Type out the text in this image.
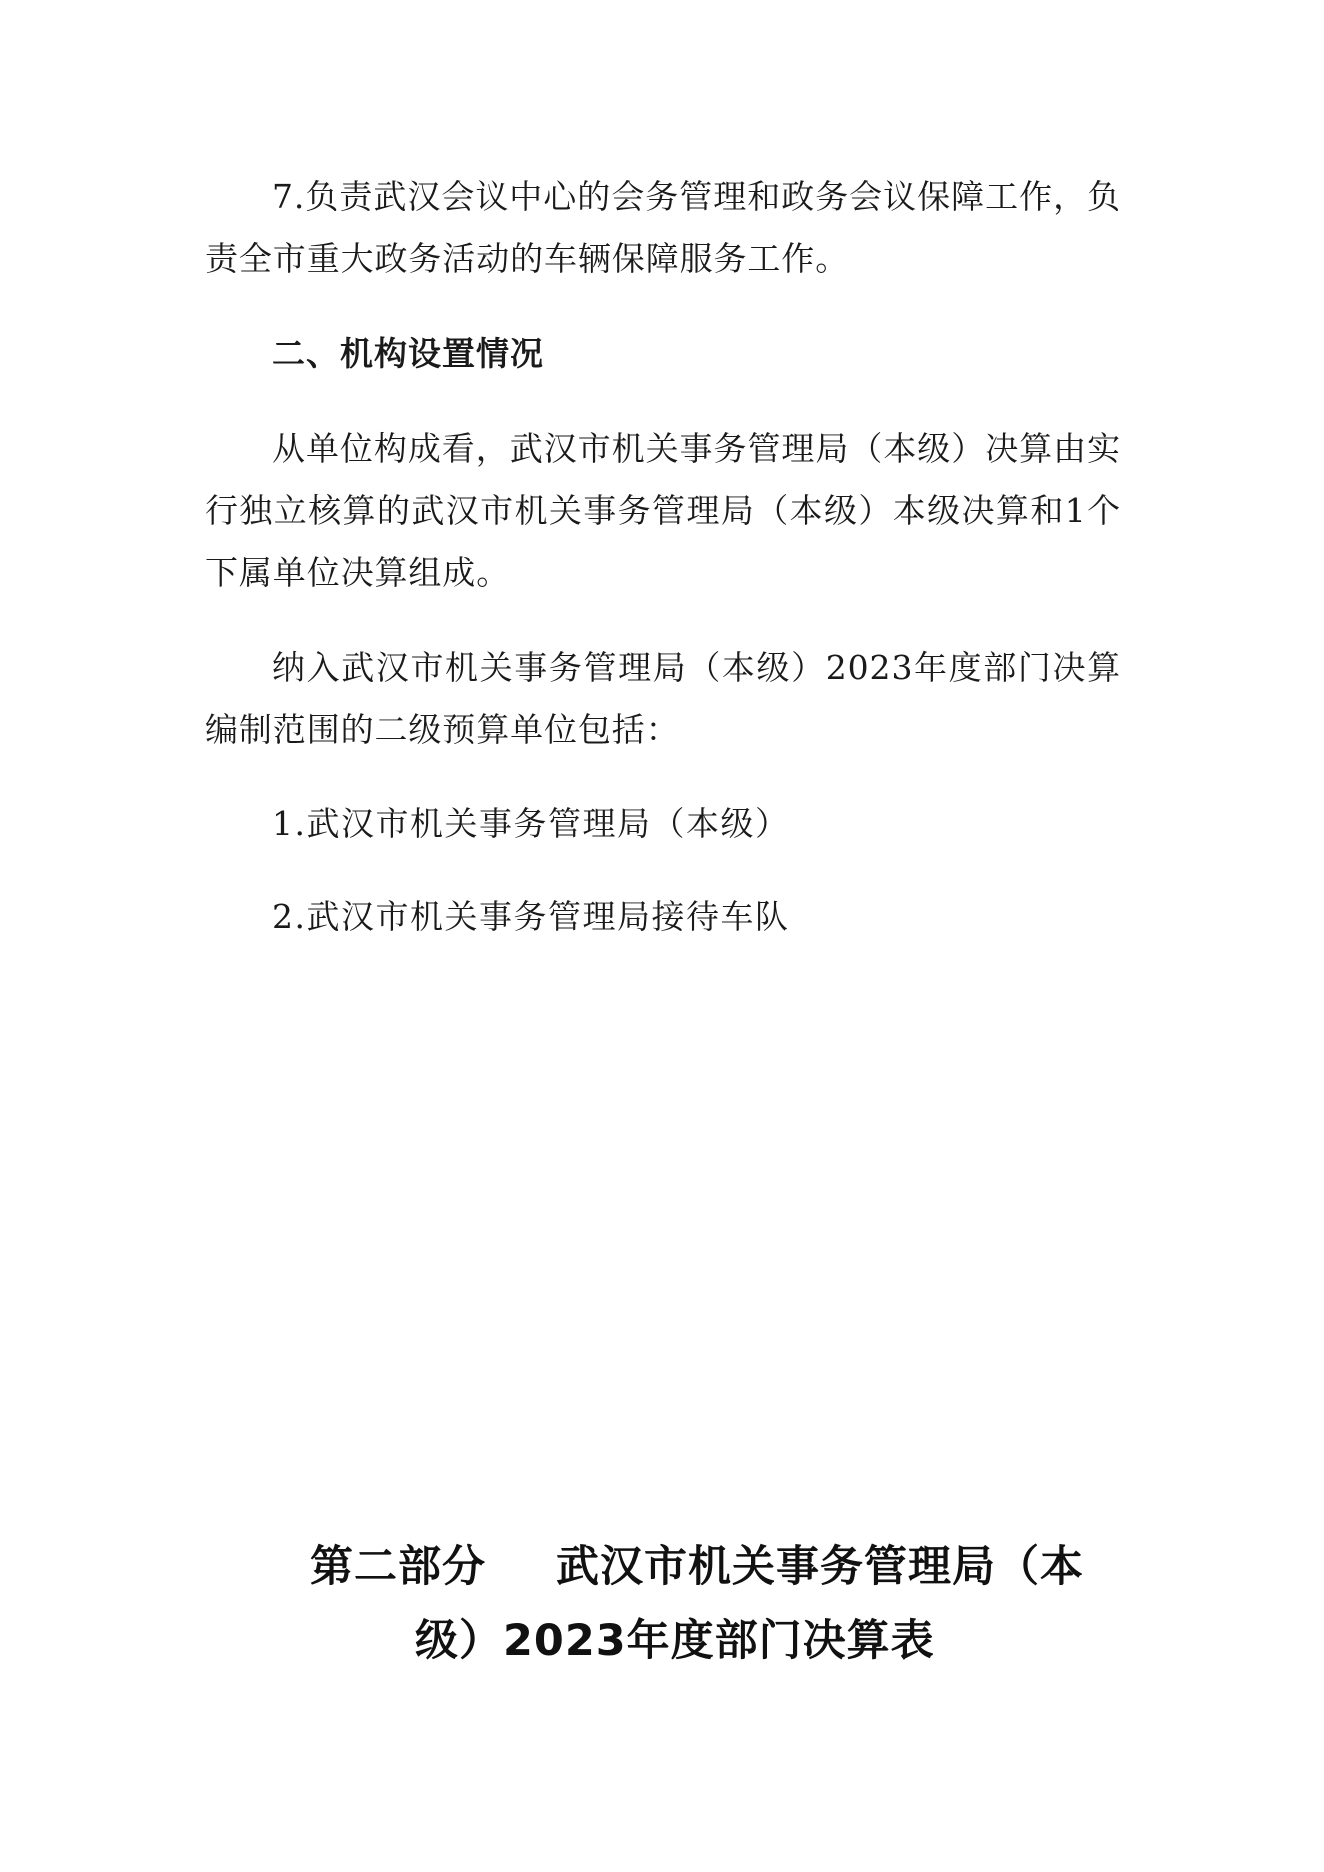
7.负责武汉会议中心的会务管理和政务会议保障工作，负责全市重大政务活动的车辆保障服务工作。

二、机构设置情况

从单位构成看，武汉市机关事务管理局（本级）决算由实行独立核算的武汉市机关事务管理局（本级）本级决算和1个下属单位决算组成。

纳入武汉市机关事务管理局（本级）2023年度部门决算编制范围的二级预算单位包括：

1.武汉市机关事务管理局（本级）

2.武汉市机关事务管理局接待车队

第二部分 武汉市机关事务管理局（本
级）2023年度部门决算表
